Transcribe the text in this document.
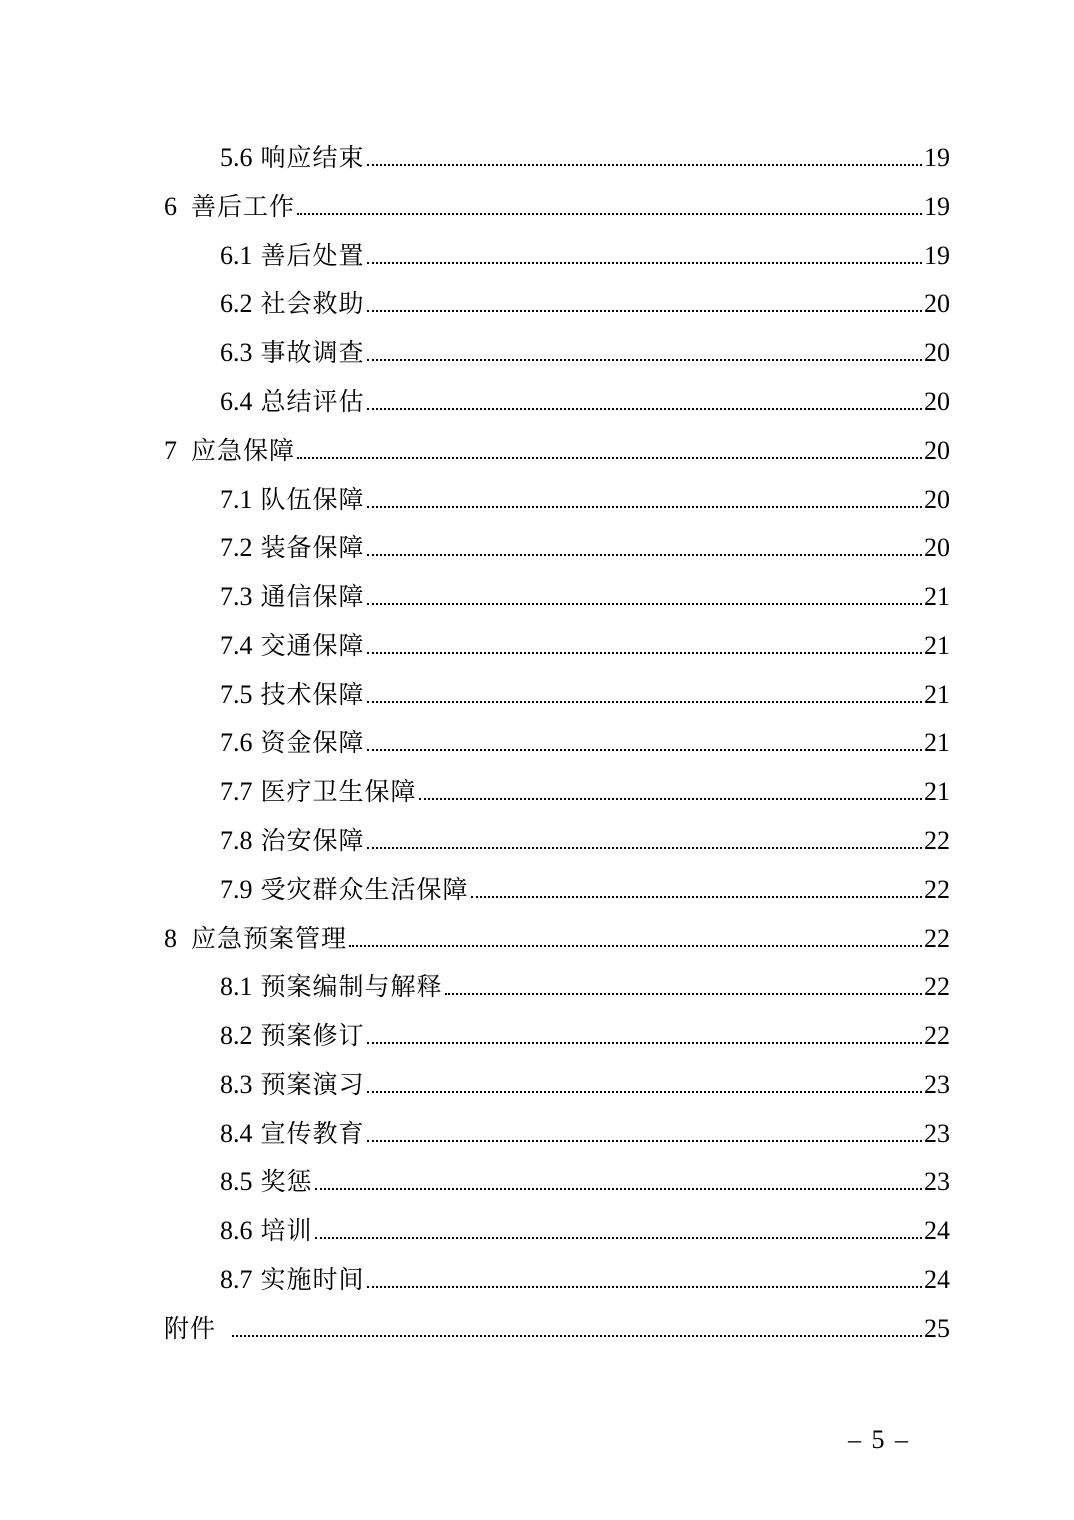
5.6 响应结束	19
6 善后工作	19
6.1 善后处置	19
6.2 社会救助	20
6.3 事故调查	20
6.4 总结评估	20
7 应急保障	20
7.1 队伍保障	20
7.2 装备保障	20
7.3 通信保障	21
7.4 交通保障	21
7.5 技术保障	21
7.6 资金保障	21
7.7 医疗卫生保障	21
7.8 治安保障	22
7.9 受灾群众生活保障	22
8 应急预案管理	22
8.1 预案编制与解释	22
8.2 预案修订	22
8.3 预案演习	23
8.4 宣传教育	23
8.5 奖惩	23
8.6 培训	24
8.7 实施时间	24
附件	25
– 5 –
